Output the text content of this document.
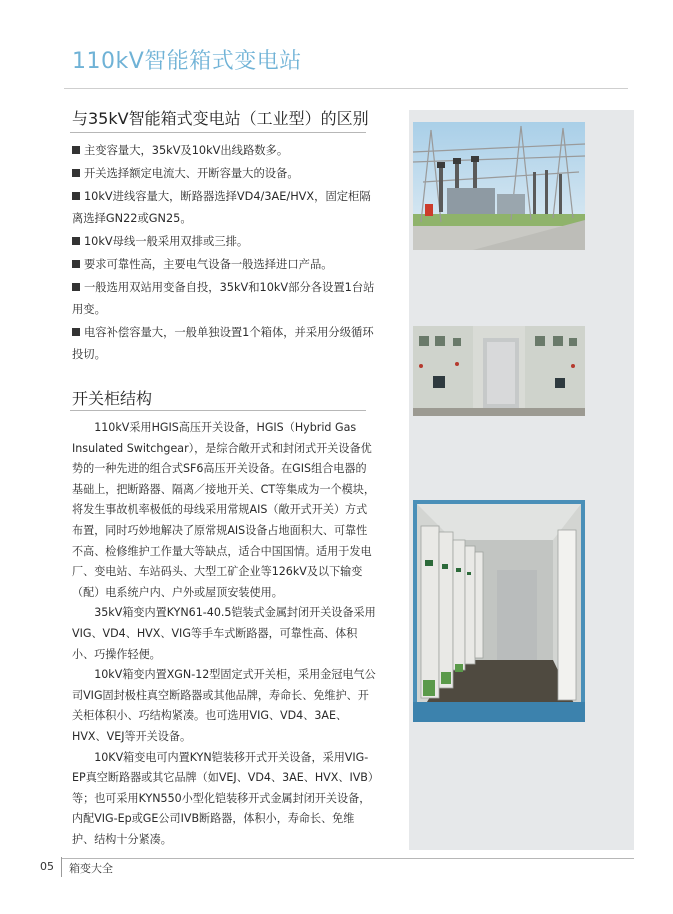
110kV智能箱式变电站
与35kV智能箱式变电站（工业型）的区别
主变容量大，35kV及10kV出线路数多。
开关选择额定电流大、开断容量大的设备。
10kV进线容量大，断路器选择VD4/3AE/HVX，固定柜隔离选择GN22或GN25。
10kV母线一般采用双排或三排。
要求可靠性高，主要电气设备一般选择进口产品。
一般选用双站用变备自投，35kV和10kV部分各设置1台站用变。
电容补偿容量大，一般单独设置1个箱体，并采用分级循环投切。
开关柜结构

110kV采用HGIS高压开关设备，HGIS（Hybrid Gas Insulated Switchgear），是综合敞开式和封闭式开关设备优势的一种先进的组合式SF6高压开关设备。在GIS组合电器的基础上，把断路器、隔离／接地开关、CT等集成为一个模块，将发生事故机率极低的母线采用常规AIS（敞开式开关）方式布置，同时巧妙地解决了原常规AIS设备占地面积大、可靠性不高、检修维护工作量大等缺点，适合中国国情。适用于发电厂、变电站、车站码头、大型工矿企业等126kV及以下输变（配）电系统户内、户外或屋顶安装使用。

35kV箱变内置KYN61-40.5铠装式金属封闭开关设备采用VIG、VD4、HVX、VIG等手车式断路器，可靠性高、体积小、巧操作轻便。

10kV箱变内置XGN-12型固定式开关柜，采用金冠电气公司VIG固封极柱真空断路器或其他品牌，寿命长、免维护、开关柜体积小、巧结构紧凑。也可选用VIG、VD4、3AE、HVX、VEJ等开关设备。

10KV箱变电可内置KYN铠装移开式开关设备，采用VIG-EP真空断路器或其它品牌（如VEJ、VD4、3AE、HVX、IVB）等；也可采用KYN550小型化铠装移开式金属封闭开关设备，内配VIG-Ep或GE公司IVB断路器，体积小，寿命长、免维护、结构十分紧凑。

05 箱变大全
